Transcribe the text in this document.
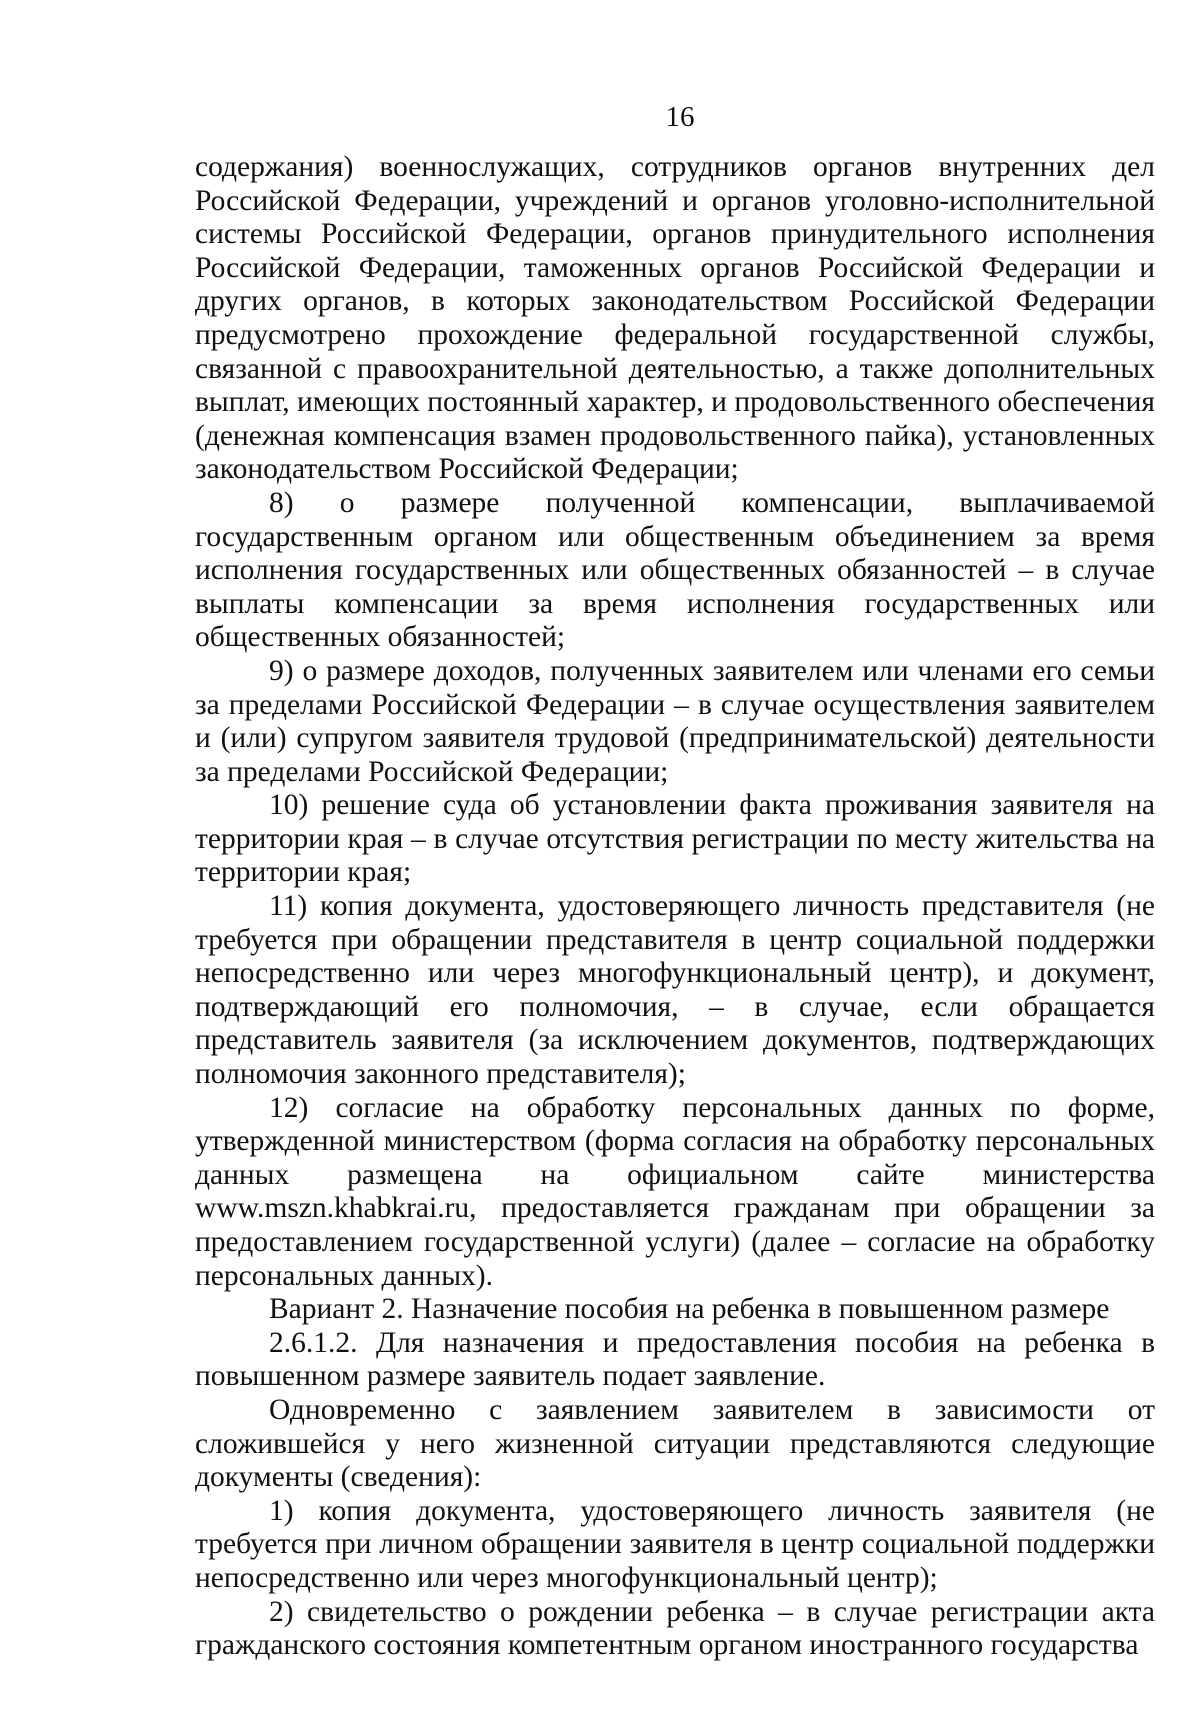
16

содержания) военнослужащих, сотрудников органов внутренних дел Российской Федерации, учреждений и органов уголовно-исполнительной системы Российской Федерации, органов принудительного исполнения Российской Федерации, таможенных органов Российской Федерации и других органов, в которых законодательством Российской Федерации предусмотрено прохождение федеральной государственной службы, связанной с правоохранительной деятельностью, а также дополнительных выплат, имеющих постоянный характер, и продовольственного обеспечения (денежная компенсация взамен продовольственного пайка), установленных законодательством Российской Федерации;

8) о размере полученной компенсации, выплачиваемой государственным органом или общественным объединением за время исполнения государственных или общественных обязанностей – в случае выплаты компенсации за время исполнения государственных или общественных обязанностей;

9) о размере доходов, полученных заявителем или членами его семьи за пределами Российской Федерации – в случае осуществления заявителем и (или) супругом заявителя трудовой (предпринимательской) деятельности за пределами Российской Федерации;

10) решение суда об установлении факта проживания заявителя на территории края – в случае отсутствия регистрации по месту жительства на территории края;

11) копия документа, удостоверяющего личность представителя (не требуется при обращении представителя в центр социальной поддержки непосредственно или через многофункциональный центр), и документ, подтверждающий его полномочия, – в случае, если обращается представитель заявителя (за исключением документов, подтверждающих полномочия законного представителя);

12) согласие на обработку персональных данных по форме, утвержденной министерством (форма согласия на обработку персональных данных размещена на официальном сайте министерства www.mszn.khabkrai.ru, предоставляется гражданам при обращении за предоставлением государственной услуги) (далее – согласие на обработку персональных данных).

Вариант 2. Назначение пособия на ребенка в повышенном размере

2.6.1.2. Для назначения и предоставления пособия на ребенка в повышенном размере заявитель подает заявление.

Одновременно с заявлением заявителем в зависимости от сложившейся у него жизненной ситуации представляются следующие документы (сведения):

1) копия документа, удостоверяющего личность заявителя (не требуется при личном обращении заявителя в центр социальной поддержки непосредственно или через многофункциональный центр);

2) свидетельство о рождении ребенка – в случае регистрации акта гражданского состояния компетентным органом иностранного государства
